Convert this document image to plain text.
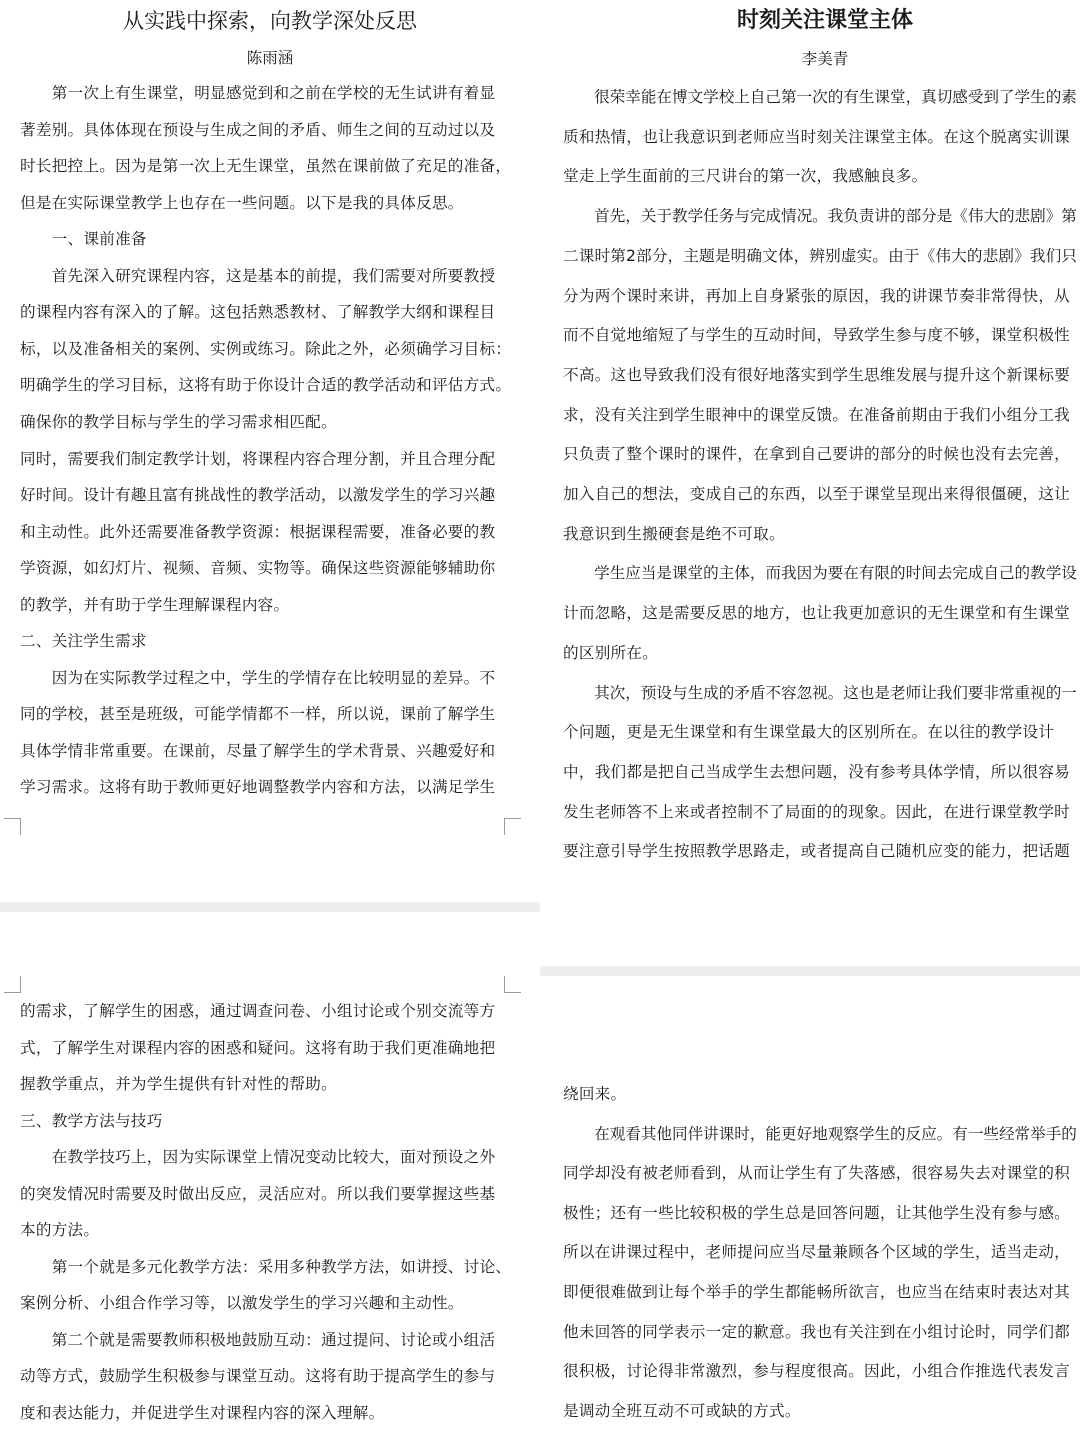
从实践中探索，向教学深处反思

陈雨涵

　　第一次上有生课堂，明显感觉到和之前在学校的无生试讲有着显

著差别。具体体现在预设与生成之间的矛盾、师生之间的互动过以及

时长把控上。因为是第一次上无生课堂，虽然在课前做了充足的准备，

但是在实际课堂教学上也存在一些问题。以下是我的具体反思。

　　一、课前准备

　　首先深入研究课程内容，这是基本的前提，我们需要对所要教授

的课程内容有深入的了解。这包括熟悉教材、了解教学大纲和课程目

标，以及准备相关的案例、实例或练习。除此之外，必须确学习目标：

明确学生的学习目标，这将有助于你设计合适的教学活动和评估方式。

确保你的教学目标与学生的学习需求相匹配。

同时，需要我们制定教学计划，将课程内容合理分割，并且合理分配

好时间。设计有趣且富有挑战性的教学活动，以激发学生的学习兴趣

和主动性。此外还需要准备教学资源：根据课程需要，准备必要的教

学资源，如幻灯片、视频、音频、实物等。确保这些资源能够辅助你

的教学，并有助于学生理解课程内容。

二、关注学生需求

　　因为在实际教学过程之中，学生的学情存在比较明显的差异。不

同的学校，甚至是班级，可能学情都不一样，所以说，课前了解学生

具体学情非常重要。在课前，尽量了解学生的学术背景、兴趣爱好和

学习需求。这将有助于教师更好地调整教学内容和方法，以满足学生

的需求，了解学生的困惑，通过调查问卷、小组讨论或个别交流等方

式，了解学生对课程内容的困惑和疑问。这将有助于我们更准确地把

握教学重点，并为学生提供有针对性的帮助。

三、教学方法与技巧

　　在教学技巧上，因为实际课堂上情况变动比较大，面对预设之外

的突发情况时需要及时做出反应，灵活应对。所以我们要掌握这些基

本的方法。

　　第一个就是多元化教学方法：采用多种教学方法，如讲授、讨论、

案例分析、小组合作学习等，以激发学生的学习兴趣和主动性。

　　第二个就是需要教师积极地鼓励互动：通过提问、讨论或小组活

动等方式，鼓励学生积极参与课堂互动。这将有助于提高学生的参与

度和表达能力，并促进学生对课程内容的深入理解。

时刻关注课堂主体

李美青

　　很荣幸能在博文学校上自己第一次的有生课堂，真切感受到了学生的素

质和热情，也让我意识到老师应当时刻关注课堂主体。在这个脱离实训课

堂走上学生面前的三尺讲台的第一次，我感触良多。

　　首先，关于教学任务与完成情况。我负责讲的部分是《伟大的悲剧》第

二课时第2部分，主题是明确文体，辨别虚实。由于《伟大的悲剧》我们只

分为两个课时来讲，再加上自身紧张的原因，我的讲课节奏非常得快，从

而不自觉地缩短了与学生的互动时间，导致学生参与度不够，课堂积极性

不高。这也导致我们没有很好地落实到学生思维发展与提升这个新课标要

求，没有关注到学生眼神中的课堂反馈。在准备前期由于我们小组分工我

只负责了整个课时的课件，在拿到自己要讲的部分的时候也没有去完善，

加入自己的想法，变成自己的东西，以至于课堂呈现出来得很僵硬，这让

我意识到生搬硬套是绝不可取。

　　学生应当是课堂的主体，而我因为要在有限的时间去完成自己的教学设

计而忽略，这是需要反思的地方，也让我更加意识的无生课堂和有生课堂

的区别所在。

　　其次，预设与生成的矛盾不容忽视。这也是老师让我们要非常重视的一

个问题，更是无生课堂和有生课堂最大的区别所在。在以往的教学设计

中，我们都是把自己当成学生去想问题，没有参考具体学情，所以很容易

发生老师答不上来或者控制不了局面的的现象。因此，在进行课堂教学时

要注意引导学生按照教学思路走，或者提高自己随机应变的能力，把话题

绕回来。

　　在观看其他同伴讲课时，能更好地观察学生的反应。有一些经常举手的

同学却没有被老师看到，从而让学生有了失落感，很容易失去对课堂的积

极性；还有一些比较积极的学生总是回答问题，让其他学生没有参与感。

所以在讲课过程中，老师提问应当尽量兼顾各个区域的学生，适当走动，

即便很难做到让每个举手的学生都能畅所欲言，也应当在结束时表达对其

他未回答的同学表示一定的歉意。我也有关注到在小组讨论时，同学们都

很积极，讨论得非常激烈，参与程度很高。因此，小组合作推选代表发言

是调动全班互动不可或缺的方式。
